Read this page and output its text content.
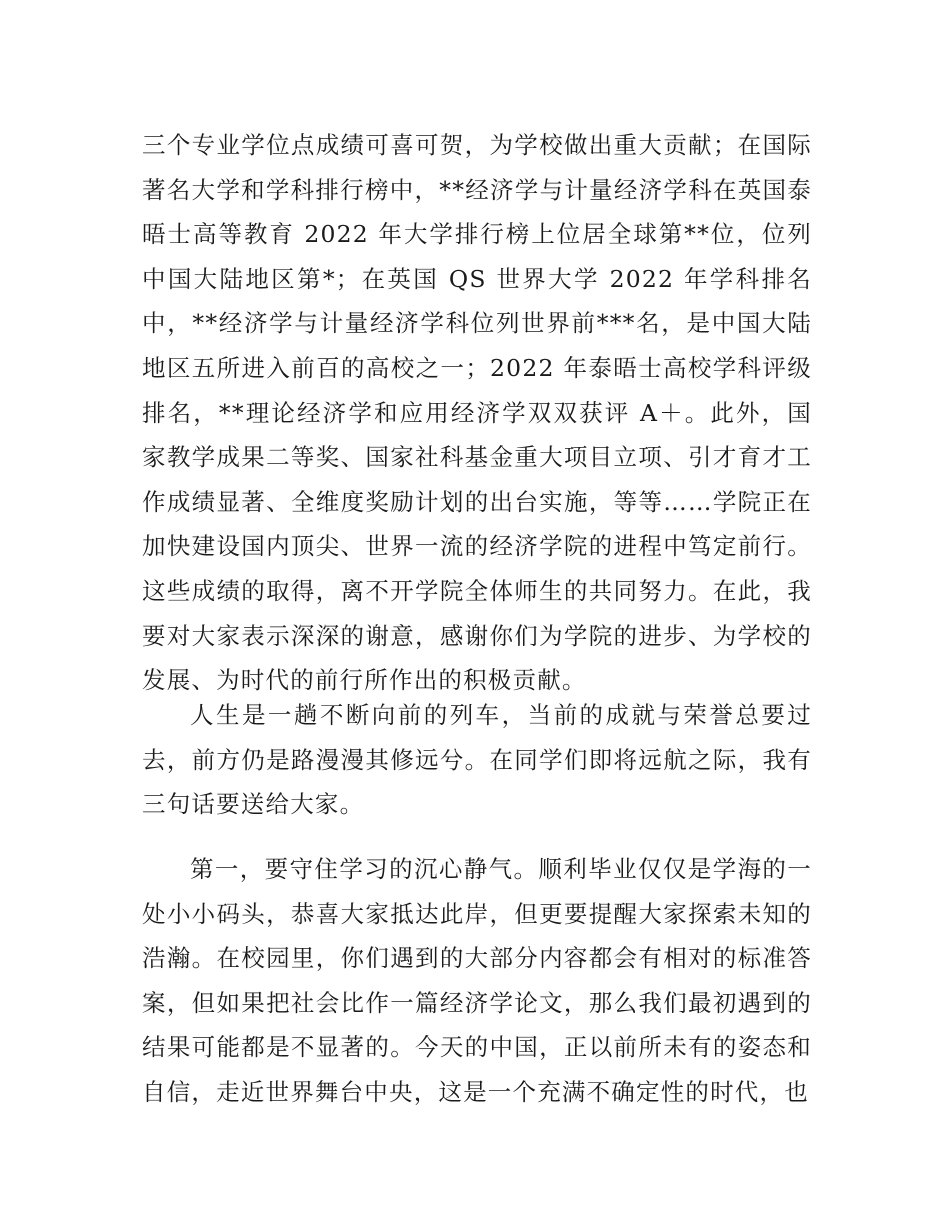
三个专业学位点成绩可喜可贺，为学校做出重大贡献；在国际著名大学和学科排行榜中，**经济学与计量经济学科在英国泰晤士高等教育 2022 年大学排行榜上位居全球第**位，位列中国大陆地区第*；在英国 QS 世界大学 2022 年学科排名中，**经济学与计量经济学科位列世界前***名，是中国大陆地区五所进入前百的高校之一；2022 年泰晤士高校学科评级排名，**理论经济学和应用经济学双双获评 A＋。此外，国家教学成果二等奖、国家社科基金重大项目立项、引才育才工作成绩显著、全维度奖励计划的出台实施，等等……学院正在加快建设国内顶尖、世界一流的经济学院的进程中笃定前行。这些成绩的取得，离不开学院全体师生的共同努力。在此，我要对大家表示深深的谢意，感谢你们为学院的进步、为学校的发展、为时代的前行所作出的积极贡献。

人生是一趟不断向前的列车，当前的成就与荣誉总要过去，前方仍是路漫漫其修远兮。在同学们即将远航之际，我有三句话要送给大家。

第一，要守住学习的沉心静气。顺利毕业仅仅是学海的一处小小码头，恭喜大家抵达此岸，但更要提醒大家探索未知的浩瀚。在校园里，你们遇到的大部分内容都会有相对的标准答案，但如果把社会比作一篇经济学论文，那么我们最初遇到的结果可能都是不显著的。今天的中国，正以前所未有的姿态和自信，走近世界舞台中央，这是一个充满不确定性的时代，也
